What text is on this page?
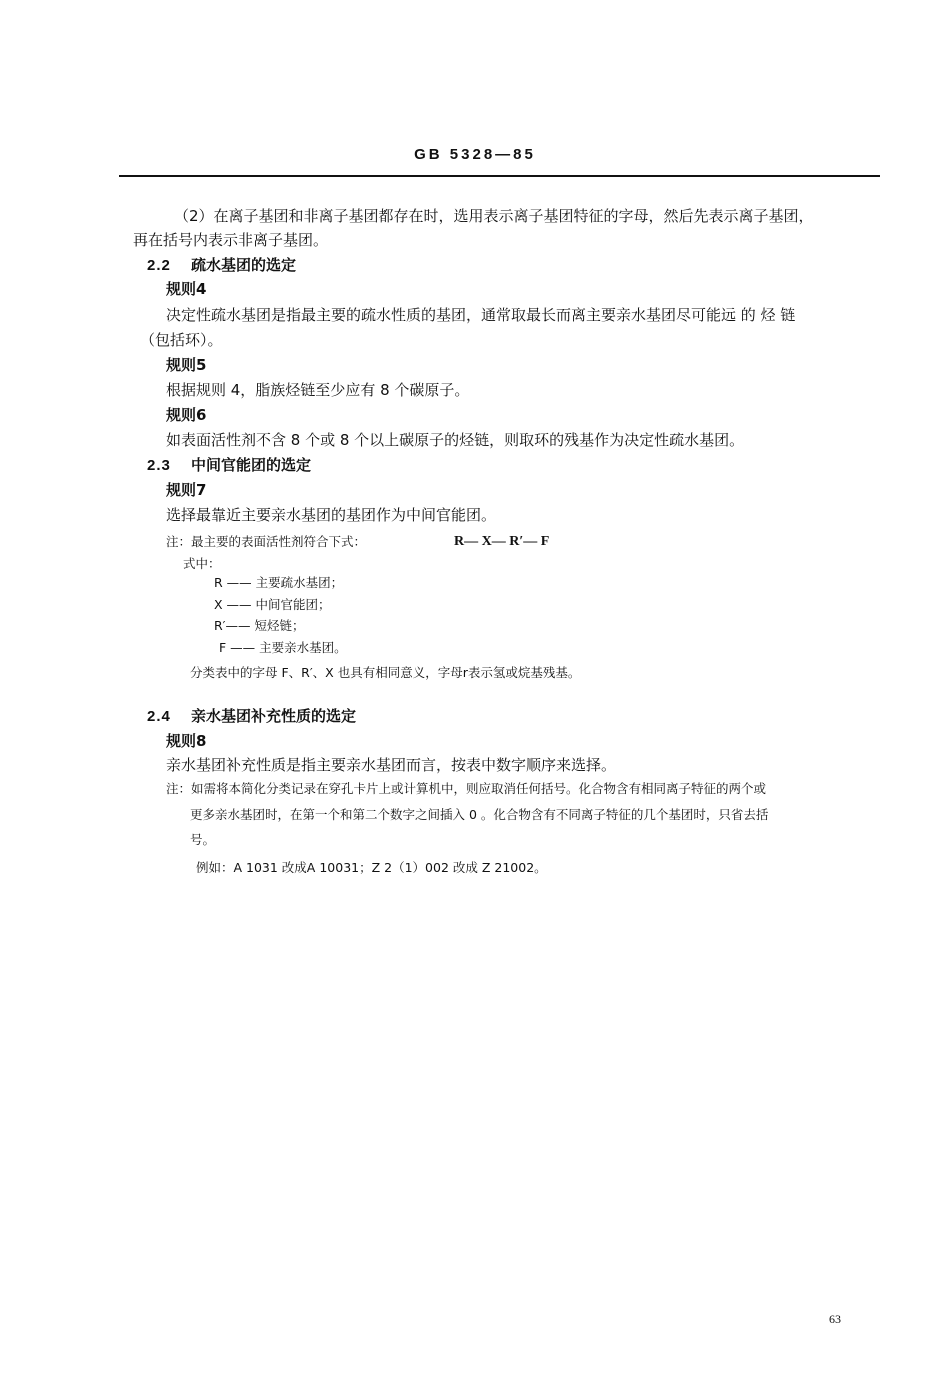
GB 5328—85
（2）在离子基团和非离子基团都存在时，选用表示离子基团特征的字母，然后先表示离子基团，
再在括号内表示非离子基团。
2.2 疏水基团的选定
规则4
决定性疏水基团是指最主要的疏水性质的基团，通常取最长而离主要亲水基团尽可能远 的 烃 链
（包括环）。
规则5
根据规则 4，脂族烃链至少应有 8 个碳原子。
规则6
如表面活性剂不含 8 个或 8 个以上碳原子的烃链，则取环的残基作为决定性疏水基团。
2.3 中间官能团的选定
规则7
选择最靠近主要亲水基团的基团作为中间官能团。
注：最主要的表面活性剂符合下式：	R— X— R′— F
式中：
R —— 主要疏水基团；
X —— 中间官能团；
R′—— 短烃链；
F —— 主要亲水基团。
分类表中的字母 F、R′、X 也具有相同意义，字母r表示氢或烷基残基。
2.4 亲水基团补充性质的选定
规则8
亲水基团补充性质是指主要亲水基团而言，按表中数字顺序来选择。
注：如需将本简化分类记录在穿孔卡片上或计算机中，则应取消任何括号。化合物含有相同离子特征的两个或
更多亲水基团时，在第一个和第二个数字之间插入 0 。化合物含有不同离子特征的几个基团时，只省去括
号。
例如：A 1031 改成A 10031；Z 2（1）002 改成 Z 21002。
63
